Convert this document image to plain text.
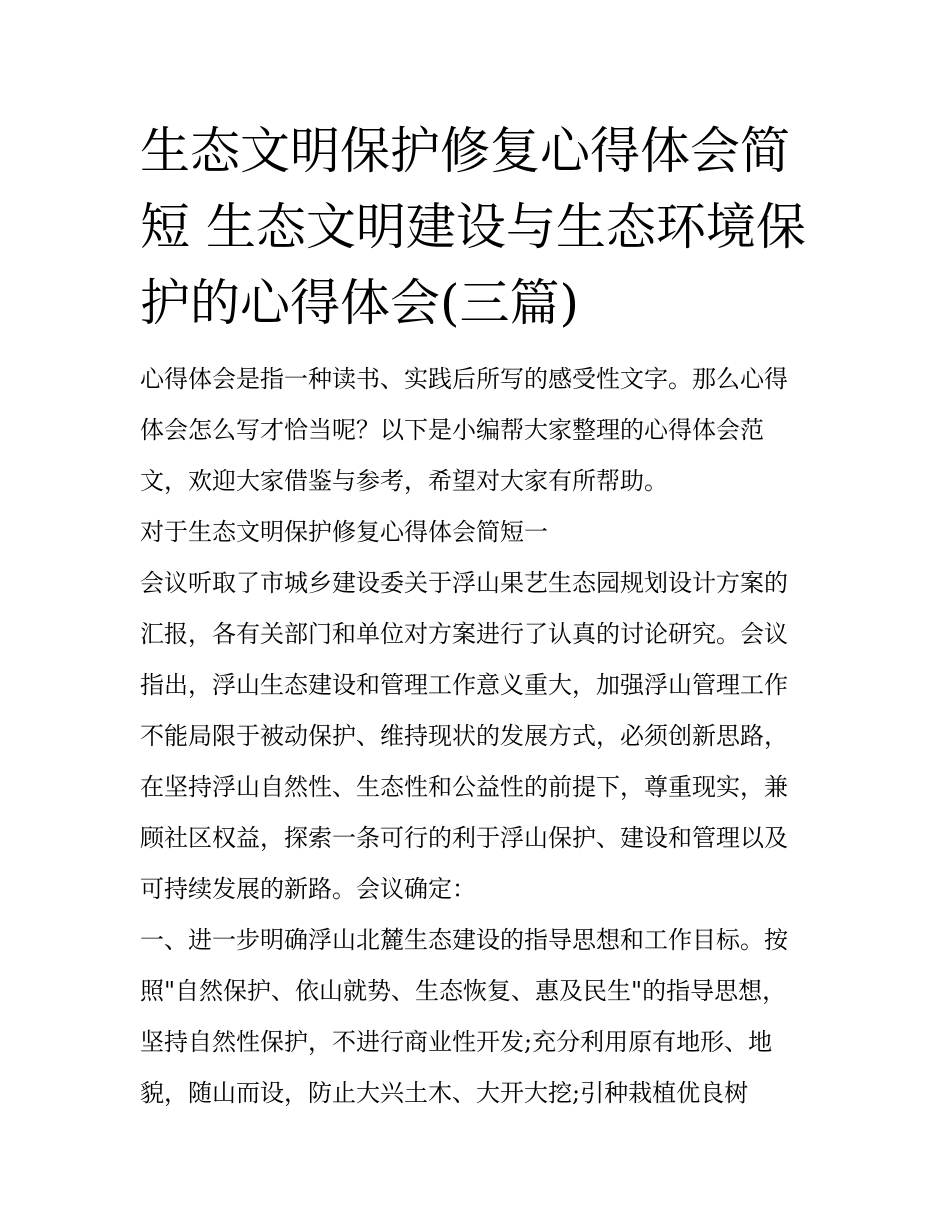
生态文明保护修复心得体会简
短 生态文明建设与生态环境保
护的心得体会(三篇)
心得体会是指一种读书、实践后所写的感受性文字。那么心得
体会怎么写才恰当呢？以下是小编帮大家整理的心得体会范
文，欢迎大家借鉴与参考，希望对大家有所帮助。
对于生态文明保护修复心得体会简短一
会议听取了市城乡建设委关于浮山果艺生态园规划设计方案的
汇报，各有关部门和单位对方案进行了认真的讨论研究。会议
指出，浮山生态建设和管理工作意义重大，加强浮山管理工作
不能局限于被动保护、维持现状的发展方式，必须创新思路，
在坚持浮山自然性、生态性和公益性的前提下，尊重现实，兼
顾社区权益，探索一条可行的利于浮山保护、建设和管理以及
可持续发展的新路。会议确定：
一、进一步明确浮山北麓生态建设的指导思想和工作目标。按
照"自然保护、依山就势、生态恢复、惠及民生"的指导思想，
坚持自然性保护，不进行商业性开发;充分利用原有地形、地
貌，随山而设，防止大兴土木、大开大挖;引种栽植优良树
